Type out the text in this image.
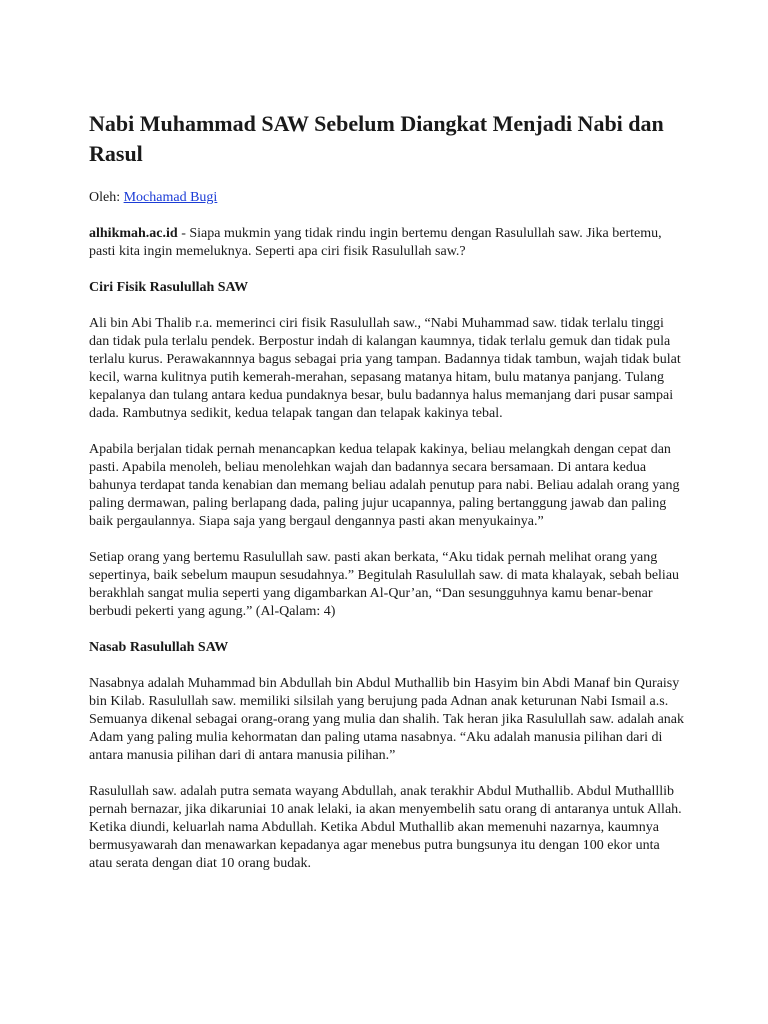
Nabi Muhammad SAW Sebelum Diangkat Menjadi Nabi dan Rasul
Oleh: Mochamad Bugi

alhikmah.ac.id - Siapa mukmin yang tidak rindu ingin bertemu dengan Rasulullah saw. Jika bertemu, pasti kita ingin memeluknya. Seperti apa ciri fisik Rasulullah saw.?

Ciri Fisik Rasulullah SAW

Ali bin Abi Thalib r.a. memerinci ciri fisik Rasulullah saw., “Nabi Muhammad saw. tidak terlalu tinggi dan tidak pula terlalu pendek. Berpostur indah di kalangan kaumnya, tidak terlalu gemuk dan tidak pula terlalu kurus. Perawakannnya bagus sebagai pria yang tampan. Badannya tidak tambun, wajah tidak bulat kecil, warna kulitnya putih kemerah-merahan, sepasang matanya hitam, bulu matanya panjang. Tulang kepalanya dan tulang antara kedua pundaknya besar, bulu badannya halus memanjang dari pusar sampai dada. Rambutnya sedikit, kedua telapak tangan dan telapak kakinya tebal.

Apabila berjalan tidak pernah menancapkan kedua telapak kakinya, beliau melangkah dengan cepat dan pasti. Apabila menoleh, beliau menolehkan wajah dan badannya secara bersamaan. Di antara kedua bahunya terdapat tanda kenabian dan memang beliau adalah penutup para nabi. Beliau adalah orang yang paling dermawan, paling berlapang dada, paling jujur ucapannya, paling bertanggung jawab dan paling baik pergaulannya. Siapa saja yang bergaul dengannya pasti akan menyukainya.”

Setiap orang yang bertemu Rasulullah saw. pasti akan berkata, “Aku tidak pernah melihat orang yang sepertinya, baik sebelum maupun sesudahnya.” Begitulah Rasulullah saw. di mata khalayak, sebah beliau berakhlah sangat mulia seperti yang digambarkan Al-Qur’an, “Dan sesungguhnya kamu benar-benar berbudi pekerti yang agung.” (Al-Qalam: 4)

Nasab Rasulullah SAW

Nasabnya adalah Muhammad bin Abdullah bin Abdul Muthallib bin Hasyim bin Abdi Manaf bin Quraisy bin Kilab. Rasulullah saw. memiliki silsilah yang berujung pada Adnan anak keturunan Nabi Ismail a.s. Semuanya dikenal sebagai orang-orang yang mulia dan shalih. Tak heran jika Rasulullah saw. adalah anak Adam yang paling mulia kehormatan dan paling utama nasabnya. “Aku adalah manusia pilihan dari di antara manusia pilihan dari di antara manusia pilihan.”

Rasulullah saw. adalah putra semata wayang Abdullah, anak terakhir Abdul Muthallib. Abdul Muthalllib pernah bernazar, jika dikaruniai 10 anak lelaki, ia akan menyembelih satu orang di antaranya untuk Allah. Ketika diundi, keluarlah nama Abdullah. Ketika Abdul Muthallib akan memenuhi nazarnya, kaumnya bermusyawarah dan menawarkan kepadanya agar menebus putra bungsunya itu dengan 100 ekor unta atau serata dengan diat 10 orang budak.
